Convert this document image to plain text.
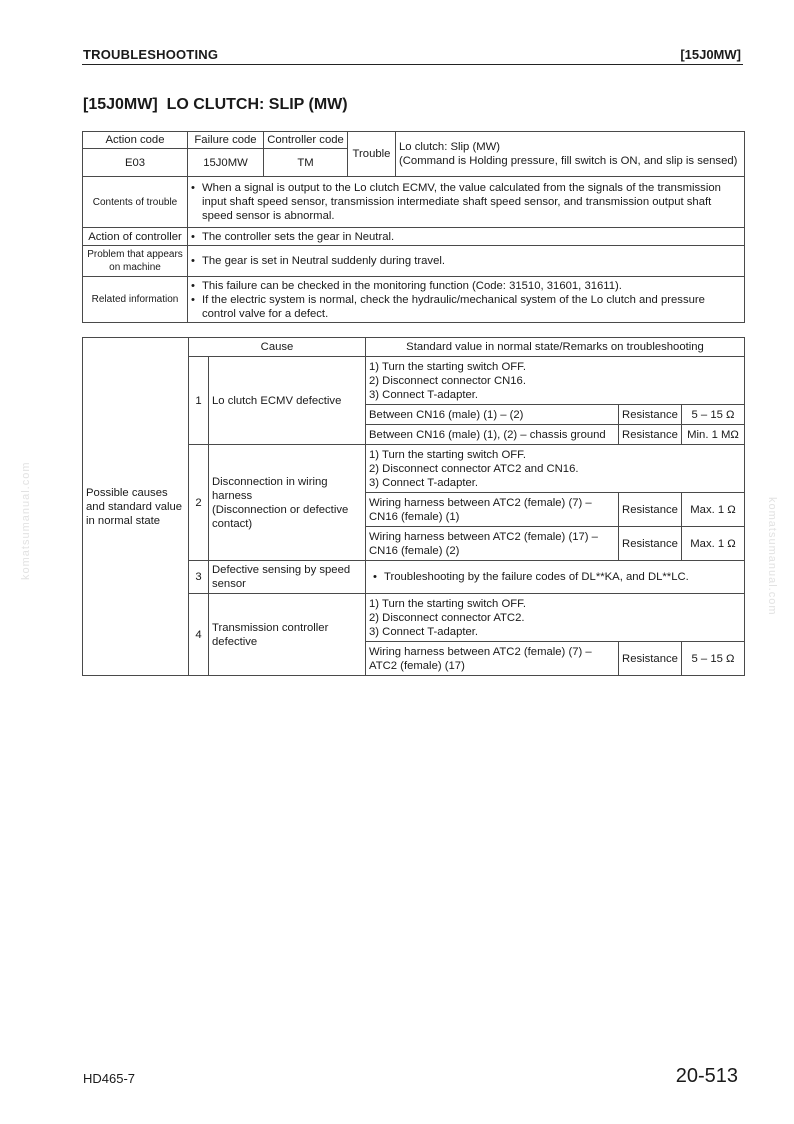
TROUBLESHOOTING	[15J0MW]
[15J0MW]  LO CLUTCH: SLIP (MW)
Action code	Failure code	Controller code	Trouble	Lo clutch: Slip (MW)
(Command is Holding pressure, fill switch is ON, and slip is sensed)
E03	15J0MW	TM		
Contents of trouble	• When a signal is output to the Lo clutch ECMV, the value calculated from the signals of the transmission input shaft speed sensor, transmission intermediate shaft speed sensor, and transmission output shaft speed sensor is abnormal.

Action of controller	• The controller sets the gear in Neutral.

Problem that appears on machine	• The gear is set in Neutral suddenly during travel.

Related information	• This failure can be checked in the monitoring function (Code: 31510, 31601, 31611).
• If the electric system is normal, check the hydraulic/mechanical system of the Lo clutch and pressure control valve for a defect.
Possible causes and standard value in normal state	Cause		Standard value in normal state/Remarks on troubleshooting		
	1	Lo clutch ECMV defective	1) Turn the starting switch OFF.
2) Disconnect connector CN16.
3) Connect T-adapter.		

			Between CN16 (male) (1) – (2)	Resistance	5 – 15 Ω
			Between CN16 (male) (1), (2) – chassis ground	Resistance	Min. 1 MΩ
	2	Disconnection in wiring harness
(Disconnection or defective contact)	1) Turn the starting switch OFF.
2) Disconnect connector ATC2 and CN16.
3) Connect T-adapter.		

			Wiring harness between ATC2 (female) (7) – CN16 (female) (1)	Resistance	Max. 1 Ω
			Wiring harness between ATC2 (female) (17) – CN16 (female) (2)	Resistance	Max. 1 Ω
	3	Defective sensing by speed sensor	• Troubleshooting by the failure codes of DL**KA, and DL**LC.

	4	Transmission controller defective	1) Turn the starting switch OFF.
2) Disconnect connector ATC2.
3) Connect T-adapter.		

			Wiring harness between ATC2 (female) (7) – ATC2 (female) (17)	Resistance	5 – 15 Ω
komatsumanual.com	komatsumanual.com
HD465-7	20-513
